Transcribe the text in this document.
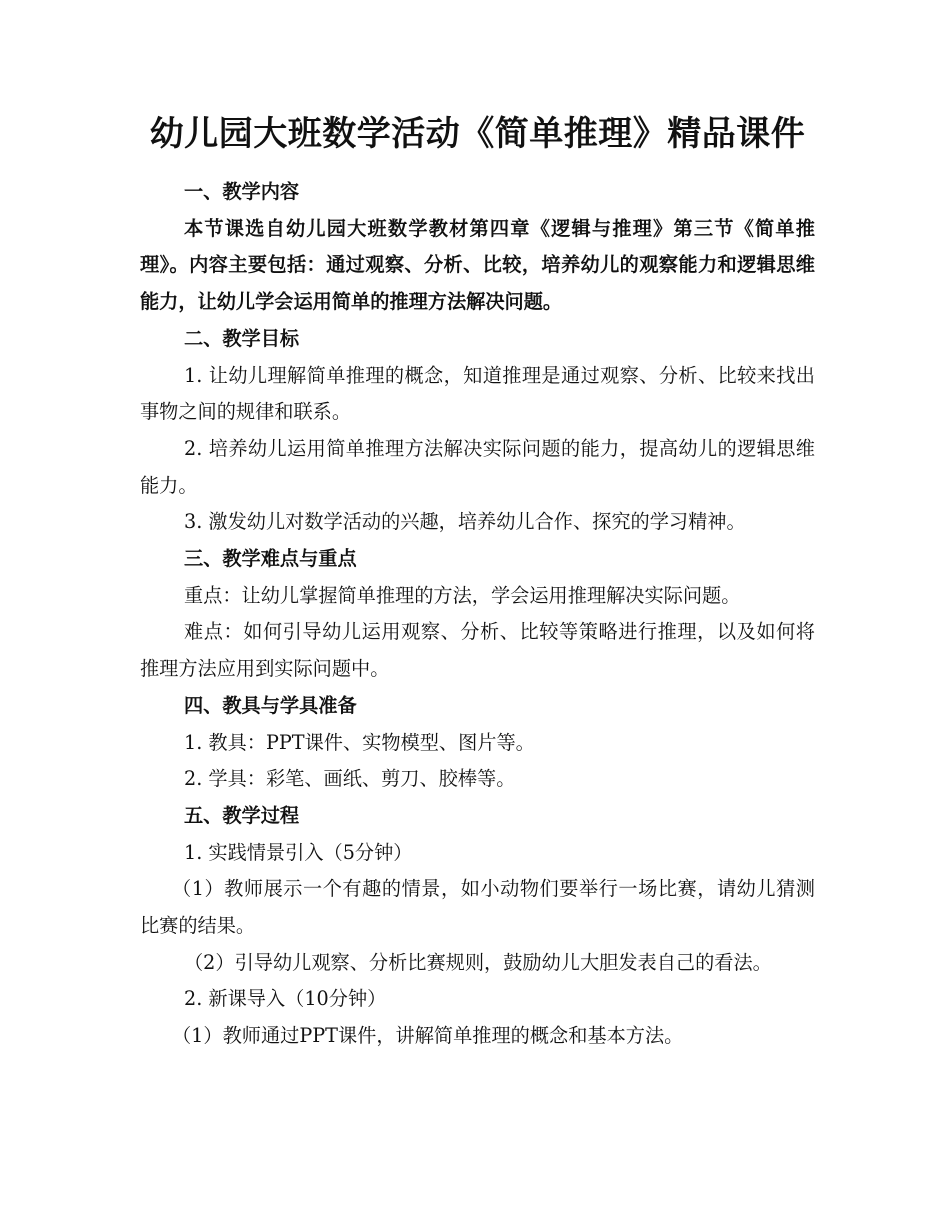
幼儿园大班数学活动《简单推理》精品课件

一、教学内容

本节课选自幼儿园大班数学教材第四章《逻辑与推理》第三节《简单推理》。内容主要包括：通过观察、分析、比较，培养幼儿的观察能力和逻辑思维能力，让幼儿学会运用简单的推理方法解决问题。

二、教学目标

1. 让幼儿理解简单推理的概念，知道推理是通过观察、分析、比较来找出事物之间的规律和联系。

2. 培养幼儿运用简单推理方法解决实际问题的能力，提高幼儿的逻辑思维能力。

3. 激发幼儿对数学活动的兴趣，培养幼儿合作、探究的学习精神。

三、教学难点与重点

重点：让幼儿掌握简单推理的方法，学会运用推理解决实际问题。

难点：如何引导幼儿运用观察、分析、比较等策略进行推理，以及如何将推理方法应用到实际问题中。

四、教具与学具准备

1. 教具：PPT课件、实物模型、图片等。

2. 学具：彩笔、画纸、剪刀、胶棒等。

五、教学过程

1. 实践情景引入（5分钟）

（1）教师展示一个有趣的情景，如小动物们要举行一场比赛，请幼儿猜测比赛的结果。

（2）引导幼儿观察、分析比赛规则，鼓励幼儿大胆发表自己的看法。

2. 新课导入（10分钟）

（1）教师通过PPT课件，讲解简单推理的概念和基本方法。
